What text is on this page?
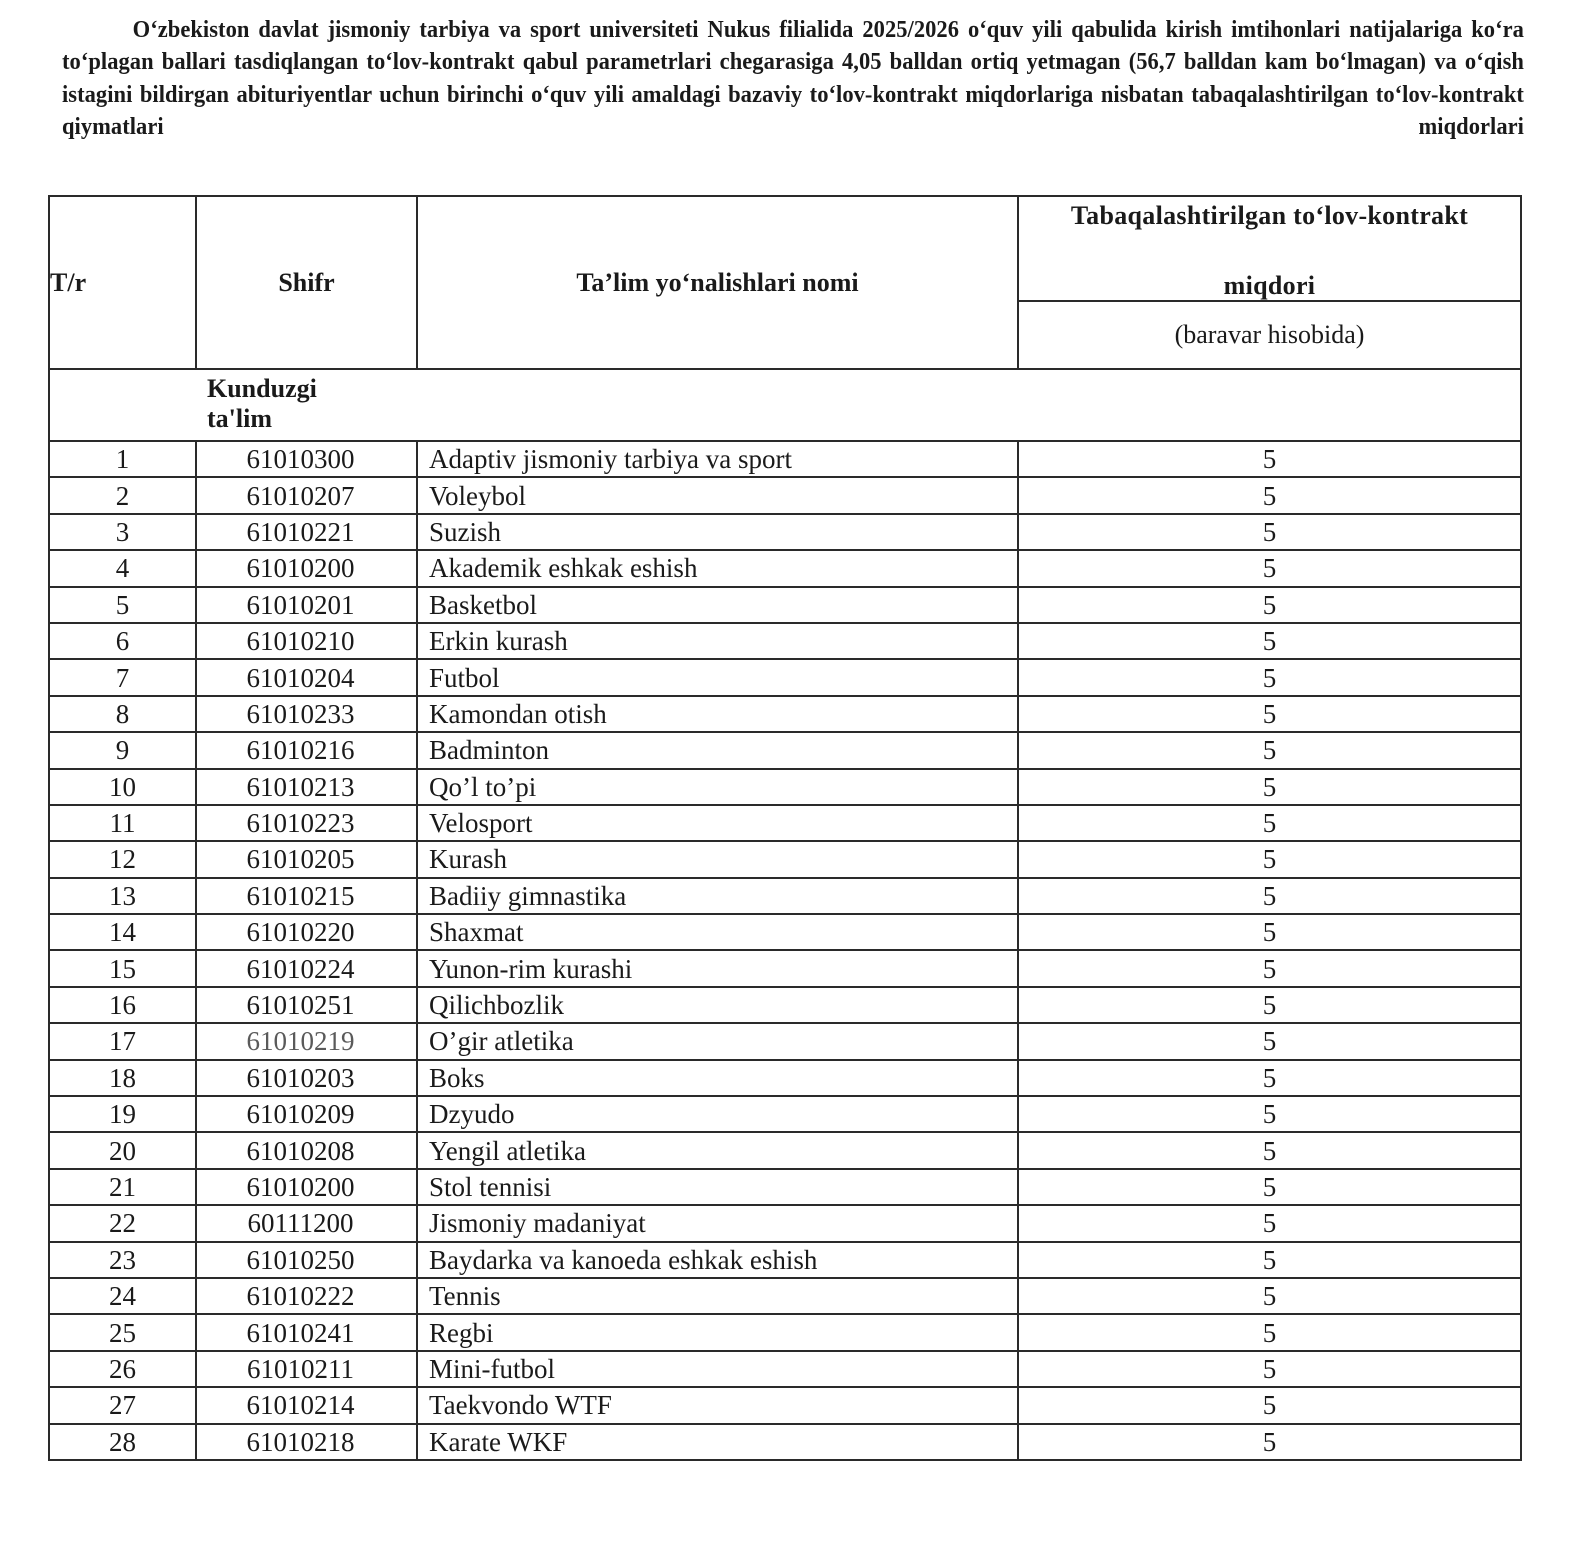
O‘zbekiston davlat jismoniy tarbiya va sport universiteti Nukus filialida 2025/2026 o‘quv yili qabulida kirish imtihonlari natijalariga ko‘ra to‘plagan ballari tasdiqlangan to‘lov-kontrakt qabul parametrlari chegarasiga 4,05 balldan ortiq yetmagan (56,7 balldan kam bo‘lmagan) va o‘qish istagini bildirgan abituriyentlar uchun birinchi o‘quv yili amaldagi bazaviy to‘lov-kontrakt miqdorlariga nisbatan tabaqalashtirilgan to‘lov-kontrakt qiymatlari miqdorlari
T/r	Shifr	Ta’lim yo‘nalishlari nomi	Tabaqalashtirilgan to‘lov-kontrakt
miqdori

			(baravar hisobida)

	Kunduzgi
ta'lim		

1	61010300	Adaptiv jismoniy tarbiya va sport	5
2	61010207	Voleybol	5
3	61010221	Suzish	5
4	61010200	Akademik eshkak eshish	5
5	61010201	Basketbol	5
6	61010210	Erkin kurash	5
7	61010204	Futbol	5
8	61010233	Kamondan otish	5
9	61010216	Badminton	5
10	61010213	Qo’l to’pi	5
11	61010223	Velosport	5
12	61010205	Kurash	5
13	61010215	Badiiy gimnastika	5
14	61010220	Shaxmat	5
15	61010224	Yunon-rim kurashi	5
16	61010251	Qilichbozlik	5
17	61010219	O’gir atletika	5
18	61010203	Boks	5
19	61010209	Dzyudo	5
20	61010208	Yengil atletika	5
21	61010200	Stol tennisi	5
22	60111200	Jismoniy madaniyat	5
23	61010250	Baydarka va kanoeda eshkak eshish	5
24	61010222	Tennis	5
25	61010241	Regbi	5
26	61010211	Mini-futbol	5
27	61010214	Taekvondo WTF	5
28	61010218	Karate WKF	5
